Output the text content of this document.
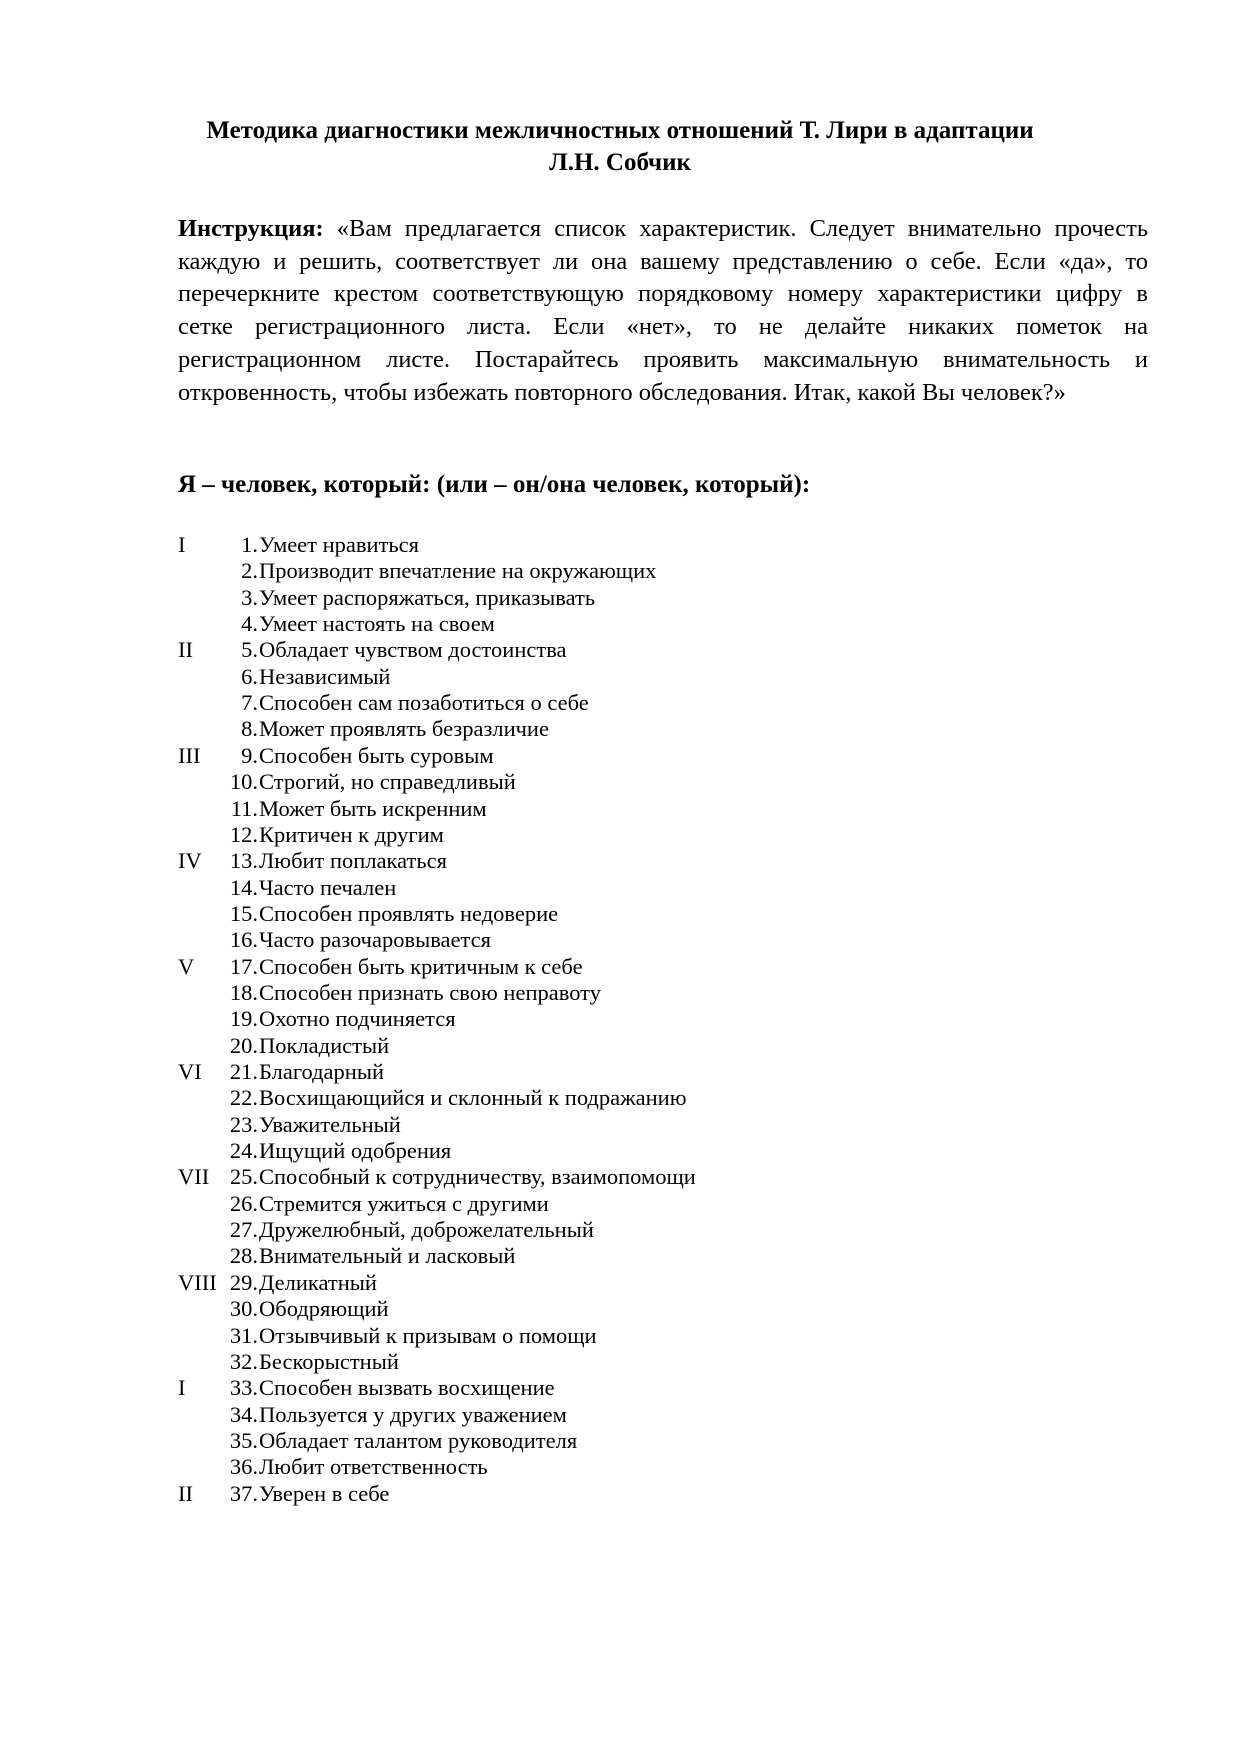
Методика диагностики межличностных отношений Т. Лири в адаптации
Л.Н. Собчик
Инструкция: «Вам предлагается список характеристик. Следует внимательно прочесть каждую и решить, соответствует ли она вашему представлению о себе. Если «да», то перечеркните крестом соответствующую порядковому номеру характеристики цифру в сетке регистрационного листа. Если «нет», то не делайте никаких пометок на регистрационном листе. Постарайтесь проявить максимальную внимательность и откровенность, чтобы избежать повторного обследования. Итак, какой Вы человек?»
Я – человек, который: (или – он/она человек, который):
I 1. Умеет нравиться
2. Производит впечатление на окружающих
3. Умеет распоряжаться, приказывать
4. Умеет настоять на своем
II 5. Обладает чувством достоинства
6. Независимый
7. Способен сам позаботиться о себе
8. Может проявлять безразличие
III 9. Способен быть суровым
10. Строгий, но справедливый
11. Может быть искренним
12. Критичен к другим
IV 13. Любит поплакаться
14. Часто печален
15. Способен проявлять недоверие
16. Часто разочаровывается
V 17. Способен быть критичным к себе
18. Способен признать свою неправоту
19. Охотно подчиняется
20. Покладистый
VI 21. Благодарный
22. Восхищающийся и склонный к подражанию
23. Уважительный
24. Ищущий одобрения
VII 25. Способный к сотрудничеству, взаимопомощи
26. Стремится ужиться с другими
27. Дружелюбный, доброжелательный
28. Внимательный и ласковый
VIII 29. Деликатный
30. Ободряющий
31. Отзывчивый к призывам о помощи
32. Бескорыстный
I 33. Способен вызвать восхищение
34. Пользуется у других уважением
35. Обладает талантом руководителя
36. Любит ответственность
II 37. Уверен в себе
